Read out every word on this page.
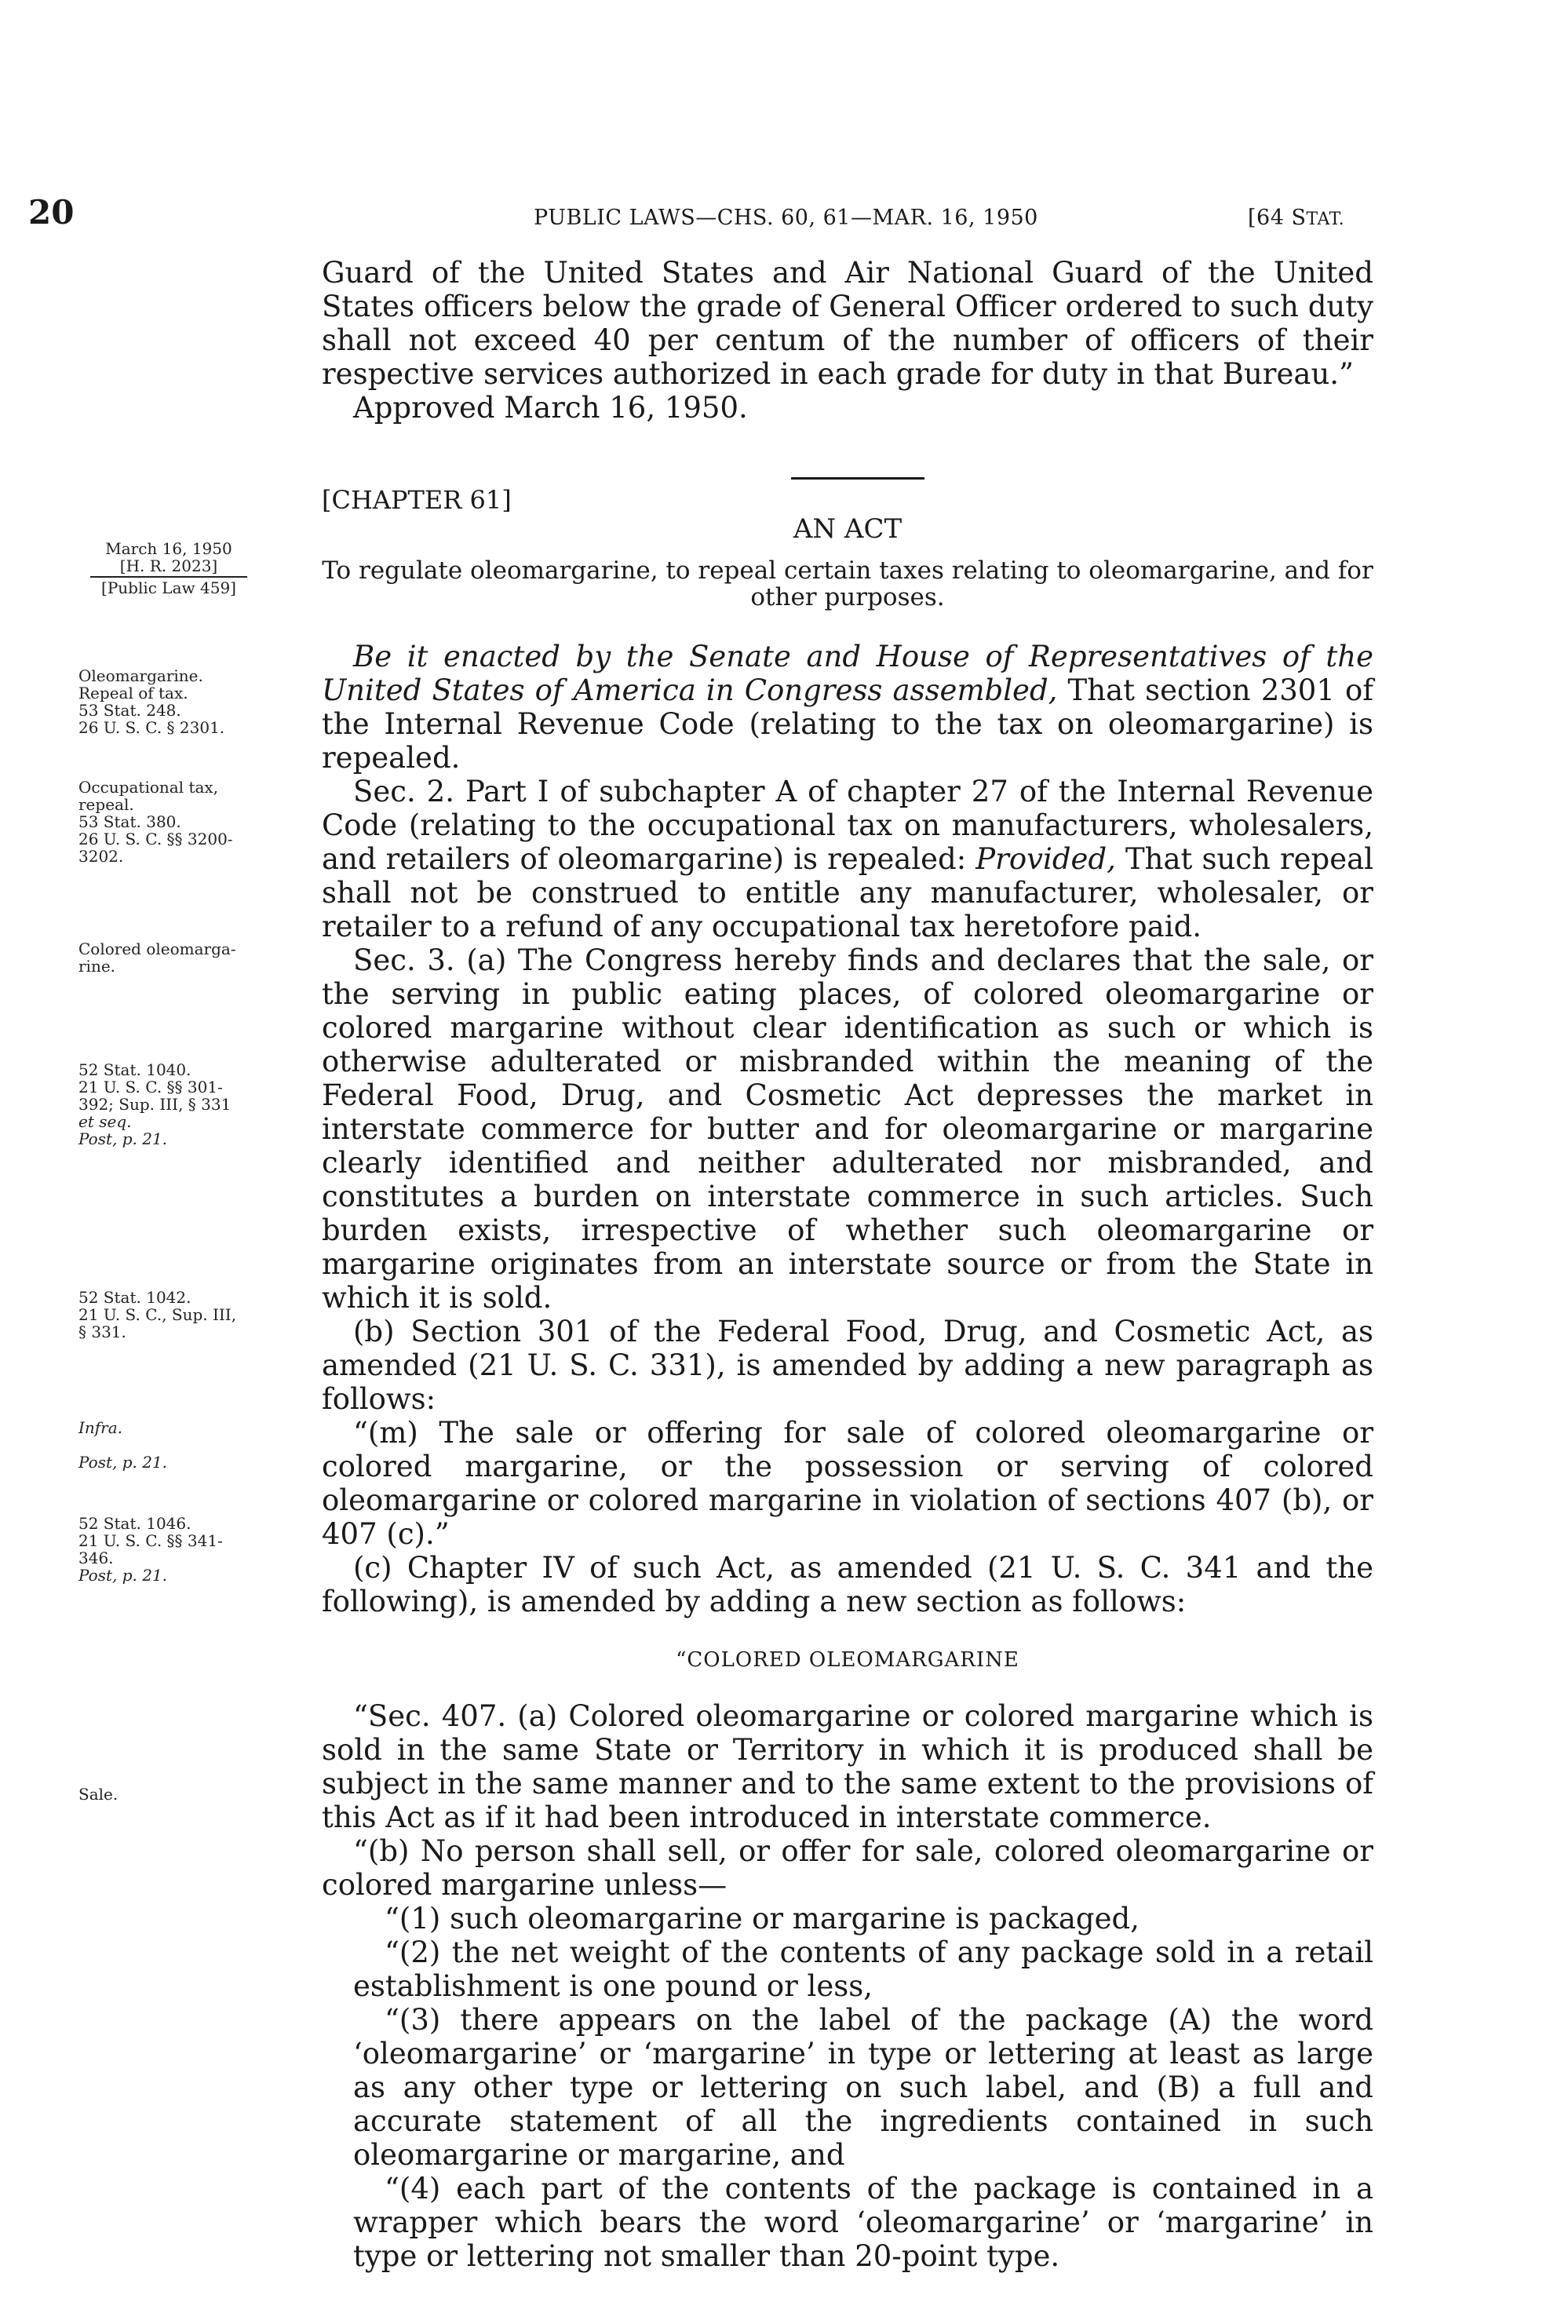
20	PUBLIC LAWS—CHS. 60, 61—MAR. 16, 1950	[64 STAT.

Guard of the United States and Air National Guard of the United States officers below the grade of General Officer ordered to such duty shall not exceed 40 per centum of the number of officers of their respective services authorized in each grade for duty in that Bureau.”

Approved March 16, 1950.

[CHAPTER 61]
AN ACT
To regulate oleomargarine, to repeal certain taxes relating to oleomargarine, and for other purposes.
March 16, 1950
[H. R. 2023]
[Public Law 459]
Oleomargarine.
Repeal of tax.
53 Stat. 248.
26 U. S. C. § 2301.
Occupational tax,
repeal.
53 Stat. 380.
26 U. S. C. §§ 3200-
3202.
Colored oleomarga-
rine.
52 Stat. 1040.
21 U. S. C. §§ 301-
392; Sup. III, § 331
et seq.
Post, p. 21.
52 Stat. 1042.
21 U. S. C., Sup. III,
§ 331.
Infra.
Post, p. 21.
52 Stat. 1046.
21 U. S. C. §§ 341-
346.
Post, p. 21.
Sale.

Be it enacted by the Senate and House of Representatives of the United States of America in Congress assembled, That section 2301 of the Internal Revenue Code (relating to the tax on oleomargarine) is repealed.

Sec. 2. Part I of subchapter A of chapter 27 of the Internal Revenue Code (relating to the occupational tax on manufacturers, wholesalers, and retailers of oleomargarine) is repealed: Provided, That such repeal shall not be construed to entitle any manufacturer, wholesaler, or retailer to a refund of any occupational tax heretofore paid.

Sec. 3. (a) The Congress hereby finds and declares that the sale, or the serving in public eating places, of colored oleomargarine or colored margarine without clear identification as such or which is otherwise adulterated or misbranded within the meaning of the Federal Food, Drug, and Cosmetic Act depresses the market in interstate commerce for butter and for oleomargarine or margarine clearly identified and neither adulterated nor misbranded, and constitutes a burden on interstate commerce in such articles. Such burden exists, irrespective of whether such oleomargarine or margarine originates from an interstate source or from the State in which it is sold.

(b) Section 301 of the Federal Food, Drug, and Cosmetic Act, as amended (21 U. S. C. 331), is amended by adding a new paragraph as follows:

“(m) The sale or offering for sale of colored oleomargarine or colored margarine, or the possession or serving of colored oleomargarine or colored margarine in violation of sections 407 (b), or 407 (c).”

(c) Chapter IV of such Act, as amended (21 U. S. C. 341 and the following), is amended by adding a new section as follows:

“COLORED OLEOMARGARINE

“Sec. 407. (a) Colored oleomargarine or colored margarine which is sold in the same State or Territory in which it is produced shall be subject in the same manner and to the same extent to the provisions of this Act as if it had been introduced in interstate commerce.

“(b) No person shall sell, or offer for sale, colored oleomargarine or colored margarine unless—

“(1) such oleomargarine or margarine is packaged,

“(2) the net weight of the contents of any package sold in a retail establishment is one pound or less,

“(3) there appears on the label of the package (A) the word ‘oleomargarine’ or ‘margarine’ in type or lettering at least as large as any other type or lettering on such label, and (B) a full and accurate statement of all the ingredients contained in such oleomargarine or margarine, and

“(4) each part of the contents of the package is contained in a wrapper which bears the word ‘oleomargarine’ or ‘margarine’ in type or lettering not smaller than 20-point type.
